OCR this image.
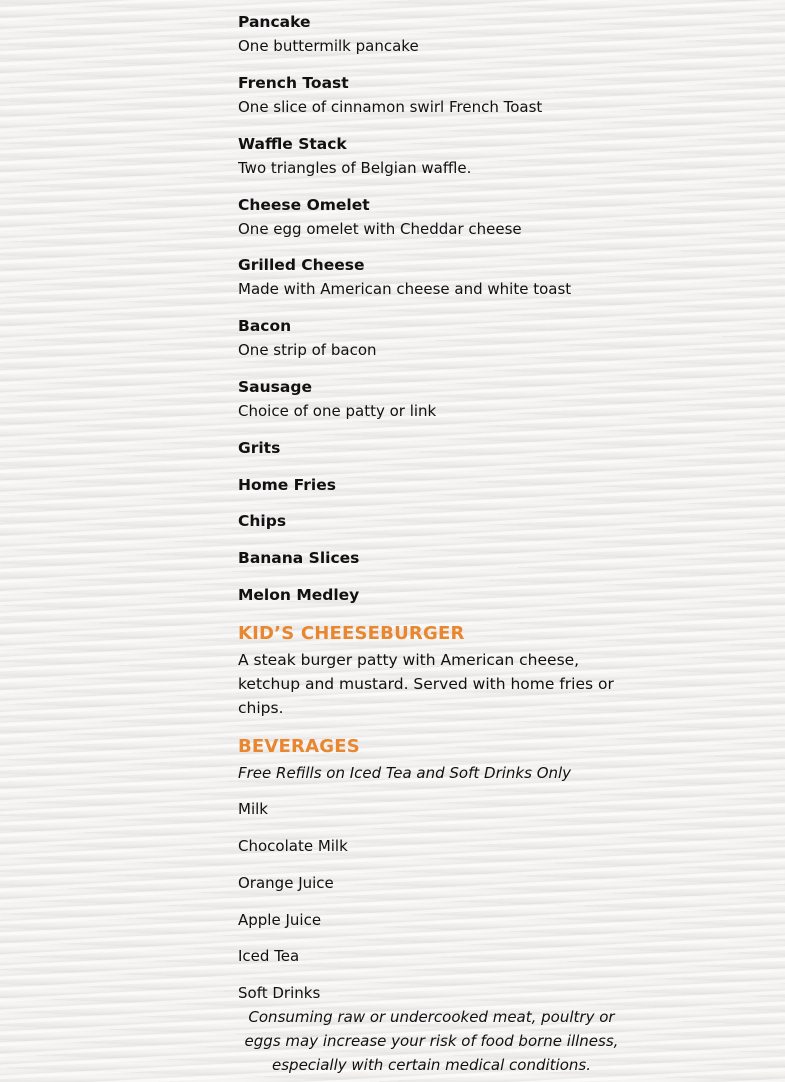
Pancake
One buttermilk pancake
French Toast
One slice of cinnamon swirl French Toast
Waffle Stack
Two triangles of Belgian waffle.
Cheese Omelet
One egg omelet with Cheddar cheese
Grilled Cheese
Made with American cheese and white toast
Bacon
One strip of bacon
Sausage
Choice of one patty or link
Grits
Home Fries
Chips
Banana Slices
Melon Medley
KID’S CHEESEBURGER
A steak burger patty with American cheese, ketchup and mustard. Served with home fries or chips.
BEVERAGES
Free Refills on Iced Tea and Soft Drinks Only
Milk
Chocolate Milk
Orange Juice
Apple Juice
Iced Tea
Soft Drinks
Consuming raw or undercooked meat, poultry or eggs may increase your risk of food borne illness, especially with certain medical conditions.
